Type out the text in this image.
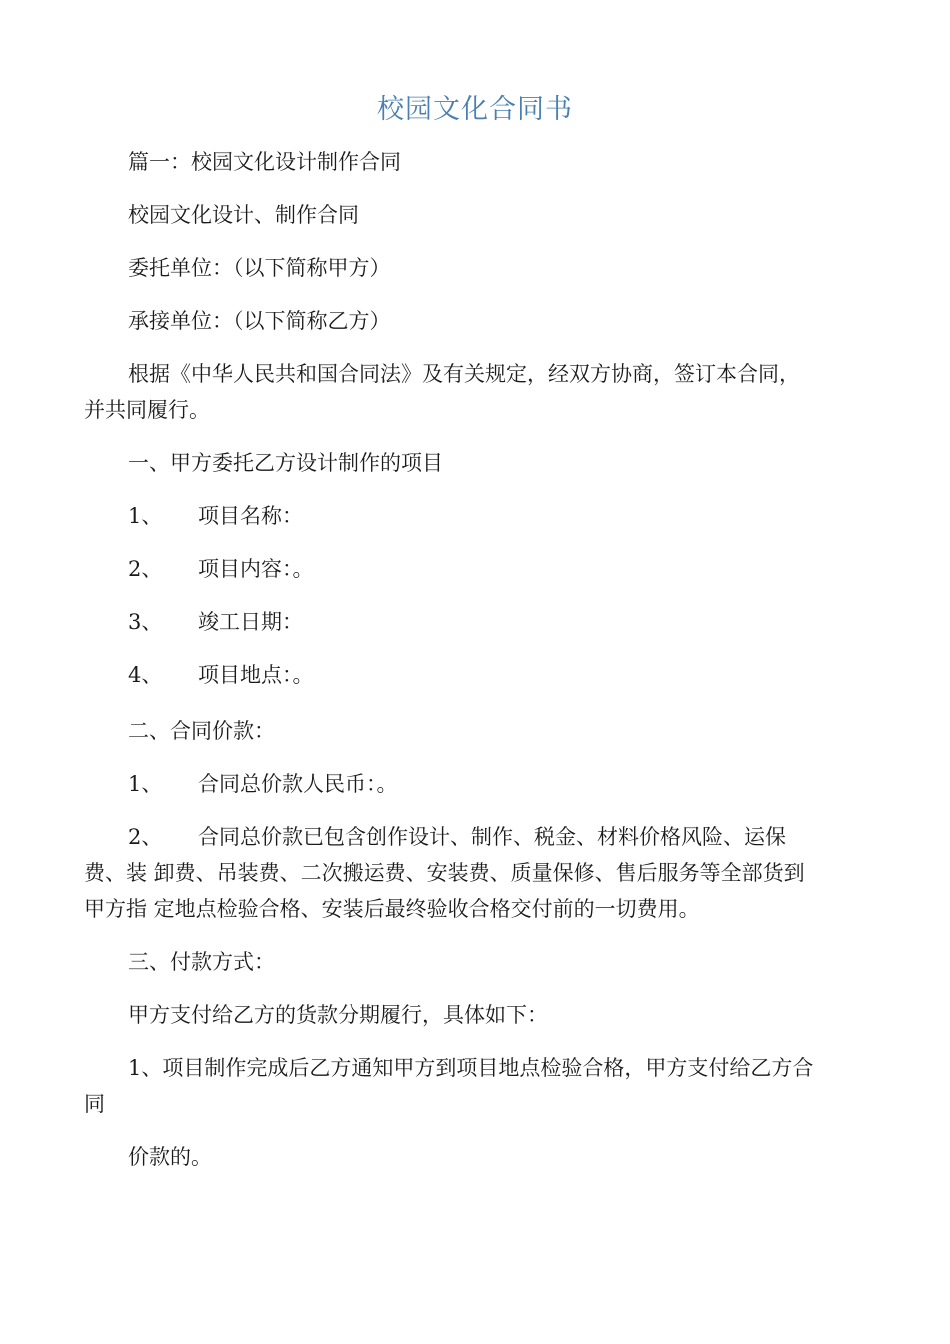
校园文化合同书
篇一：校园文化设计制作合同
校园文化设计、制作合同
委托单位：（以下简称甲方）
承接单位：（以下简称乙方）
根据《中华人民共和国合同法》及有关规定，经双方协商，签订本合同，
并共同履行。
一、甲方委托乙方设计制作的项目
1、 项目名称：
2、 项目内容：。
3、 竣工日期：
4、 项目地点：。
二、合同价款：
1、 合同总价款人民币：。
2、 合同总价款已包含创作设计、制作、税金、材料价格风险、运保
费、装 卸费、吊装费、二次搬运费、安装费、质量保修、售后服务等全部货到
甲方指 定地点检验合格、安装后最终验收合格交付前的一切费用。
三、付款方式：
甲方支付给乙方的货款分期履行，具体如下：
1、项目制作完成后乙方通知甲方到项目地点检验合格，甲方支付给乙方合
同
价款的。
